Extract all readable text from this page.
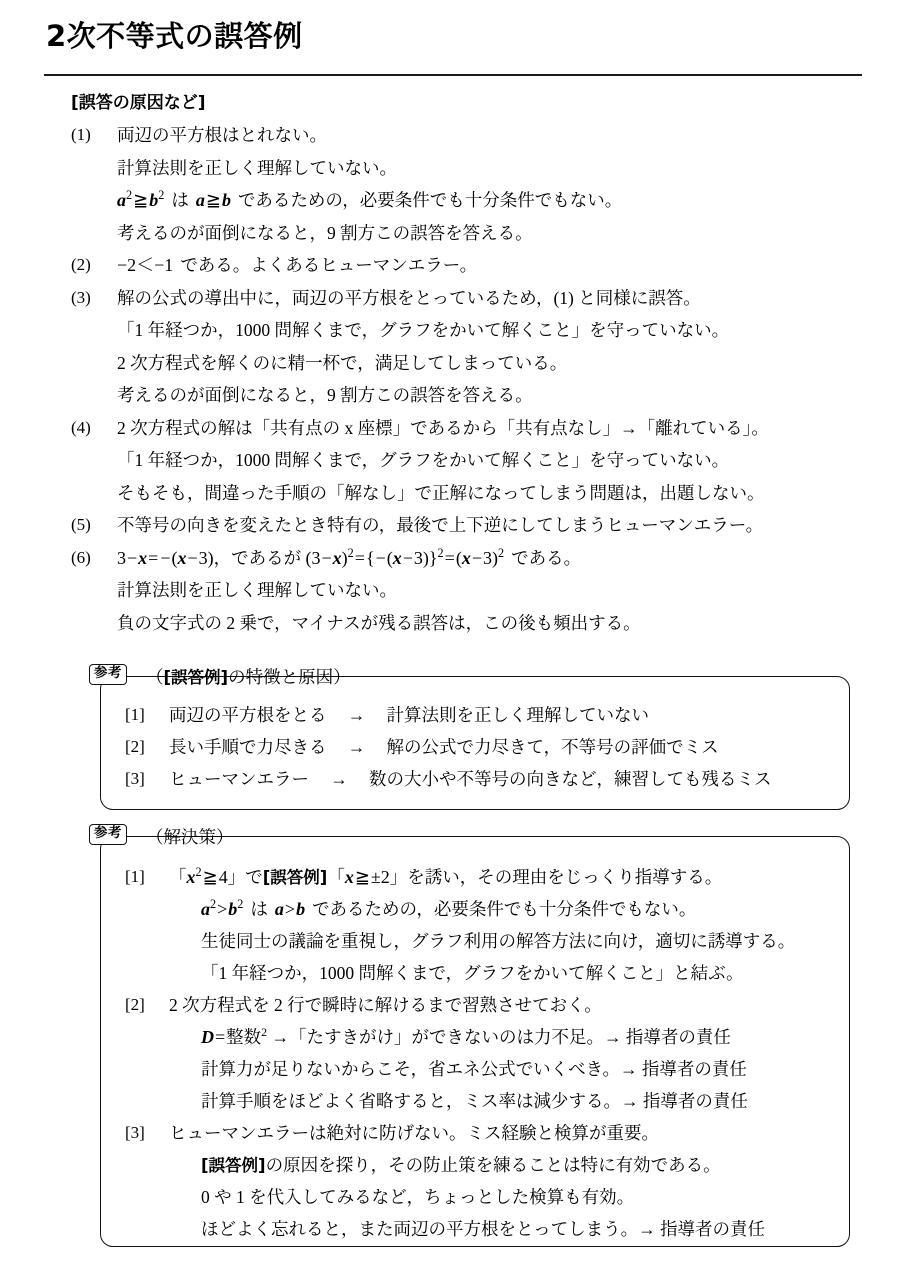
2次不等式の誤答例
[誤答の原因など]
(1)	両辺の平方根はとれない。
計算法則を正しく理解していない。
$a^2≧b^2$ は a≧b であるための，必要条件でも十分条件でもない。
考えるのが面倒になると，9 割方この誤答を答える。
(2)	−2＜−1 である。よくあるヒューマンエラー。
(3)	解の公式の導出中に，両辺の平方根をとっているため，(1) と同様に誤答。
「1 年経つか，1000 問解くまで，グラフをかいて解くこと」を守っていない。
2 次方程式を解くのに精一杯で，満足してしまっている。
考えるのが面倒になると，9 割方この誤答を答える。
(4)	2 次方程式の解は「共有点の x 座標」であるから「共有点なし」→「離れている」。
「1 年経つか，1000 問解くまで，グラフをかいて解くこと」を守っていない。
そもそも，間違った手順の「解なし」で正解になってしまう問題は，出題しない。
(5)	不等号の向きを変えたとき特有の，最後で上下逆にしてしまうヒューマンエラー。
(6)	3−x= −(x−3)，であるが $(3-x)^2=\{-(x-3)\}^2=(x-3)^2$ である。
計算法則を正しく理解していない。
負の文字式の 2 乗で，マイナスが残る誤答は，この後も頻出する。
参考 （[誤答例]の特徴と原因）
[1]	両辺の平方根をとる → 計算法則を正しく理解していない
[2]	長い手順で力尽きる → 解の公式で力尽きて，不等号の評価でミス
[3]	ヒューマンエラー → 数の大小や不等号の向きなど，練習しても残るミス
参考 （解決策）
[1]	「$x^2≧4$」で[誤答例]「x≧±2」を誘い，その理由をじっくり指導する。
$a^2>b^2$ は a>b であるための，必要条件でも十分条件でもない。
生徒同士の議論を重視し，グラフ利用の解答方法に向け，適切に誘導する。
「1 年経つか，1000 問解くまで，グラフをかいて解くこと」と結ぶ。
[2]	2 次方程式を 2 行で瞬時に解けるまで習熟させておく。
D=整数$^2$ →「たすきがけ」ができないのは力不足。→ 指導者の責任
計算力が足りないからこそ，省エネ公式でいくべき。→ 指導者の責任
計算手順をほどよく省略すると，ミス率は減少する。→ 指導者の責任
[3]	ヒューマンエラーは絶対に防げない。ミス経験と検算が重要。
[誤答例]の原因を探り，その防止策を練ることは特に有効である。
0 や 1 を代入してみるなど，ちょっとした検算も有効。
ほどよく忘れると，また両辺の平方根をとってしまう。→ 指導者の責任
